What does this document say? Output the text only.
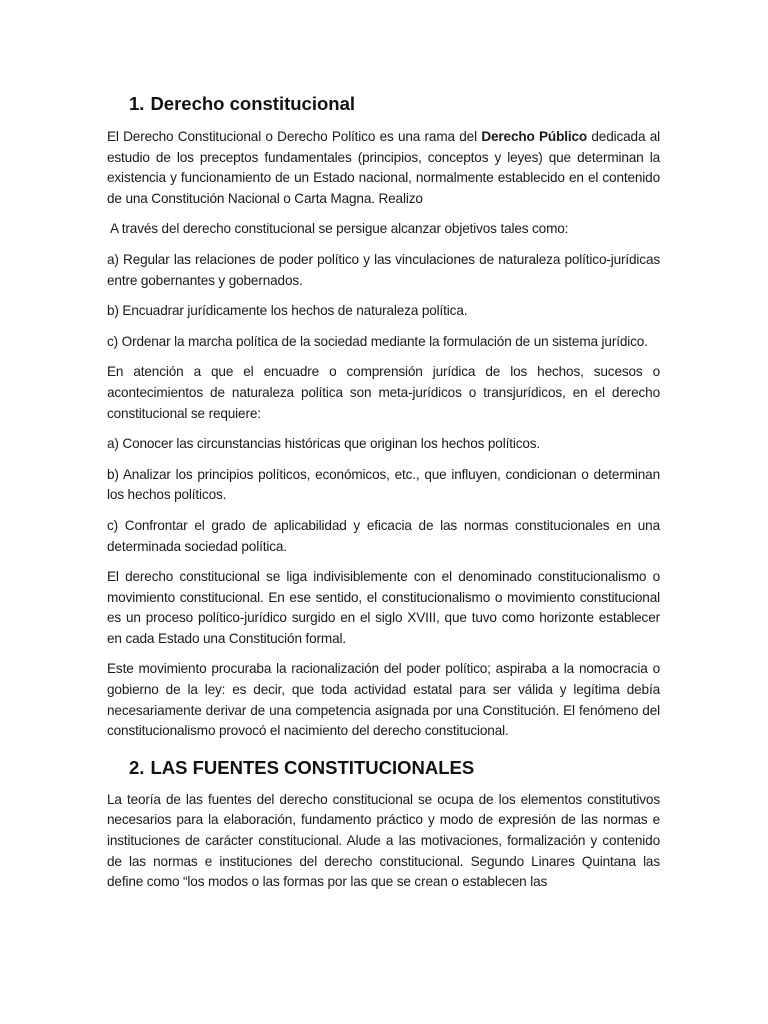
1. Derecho constitucional

El Derecho Constitucional o Derecho Político es una rama del Derecho Público dedicada al estudio de los preceptos fundamentales (principios, conceptos y leyes) que determinan la existencia y funcionamiento de un Estado nacional, normalmente establecido en el contenido de una Constitución Nacional o Carta Magna. Realizo

A través del derecho constitucional se persigue alcanzar objetivos tales como:

a) Regular las relaciones de poder político y las vinculaciones de naturaleza político-jurídicas entre gobernantes y gobernados.

b) Encuadrar jurídicamente los hechos de naturaleza política.

c) Ordenar la marcha política de la sociedad mediante la formulación de un sistema jurídico.

En atención a que el encuadre o comprensión jurídica de los hechos, sucesos o acontecimientos de naturaleza política son meta-jurídicos o transjurídicos, en el derecho constitucional se requiere:

a) Conocer las circunstancias históricas que originan los hechos políticos.

b) Analizar los principios políticos, económicos, etc., que influyen, condicionan o determinan los hechos políticos.

c) Confrontar el grado de aplicabilidad y eficacia de las normas constitucionales en una determinada sociedad política.

El derecho constitucional se liga indivisiblemente con el denominado constitucionalismo o movimiento constitucional. En ese sentido, el constitucionalismo o movimiento constitucional es un proceso político-jurídico surgido en el siglo XVIII, que tuvo como horizonte establecer en cada Estado una Constitución formal.

Este movimiento procuraba la racionalización del poder político; aspiraba a la nomocracia o gobierno de la ley: es decir, que toda actividad estatal para ser válida y legítima debía necesariamente derivar de una competencia asignada por una Constitución. El fenómeno del constitucionalismo provocó el nacimiento del derecho constitucional.

2. LAS FUENTES CONSTITUCIONALES

La teoría de las fuentes del derecho constitucional se ocupa de los elementos constitutivos necesarios para la elaboración, fundamento práctico y modo de expresión de las normas e instituciones de carácter constitucional. Alude a las motivaciones, formalización y contenido de las normas e instituciones del derecho constitucional. Segundo Linares Quintana las define como “los modos o las formas por las que se crean o establecen las
